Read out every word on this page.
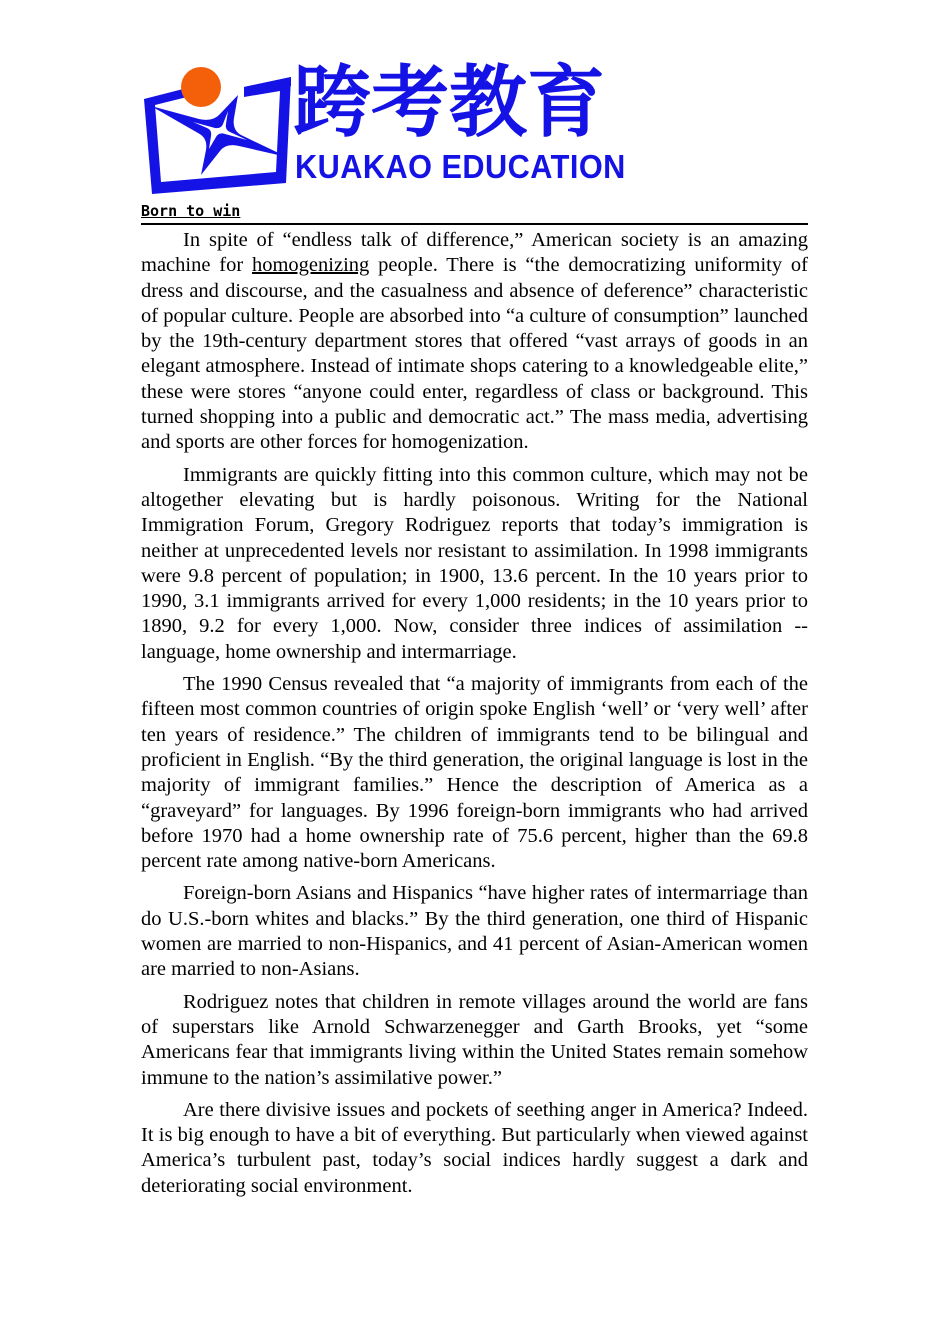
跨考教育
KUAKAO EDUCATION
Born to win

In spite of “endless talk of difference,” American society is an amazing machine for homogenizing people. There is “the democratizing uniformity of dress and discourse, and the casualness and absence of deference” characteristic of popular culture. People are absorbed into “a culture of consumption” launched by the 19th-century department stores that offered “vast arrays of goods in an elegant atmosphere. Instead of intimate shops catering to a knowledgeable elite,” these were stores “anyone could enter, regardless of class or background. This turned shopping into a public and democratic act.” The mass media, advertising and sports are other forces for homogenization.

Immigrants are quickly fitting into this common culture, which may not be altogether elevating but is hardly poisonous. Writing for the National Immigration Forum, Gregory Rodriguez reports that today’s immigration is neither at unprecedented levels nor resistant to assimilation. In 1998 immigrants were 9.8 percent of population; in 1900, 13.6 percent. In the 10 years prior to 1990, 3.1 immigrants arrived for every 1,000 residents; in the 10 years prior to 1890, 9.2 for every 1,000. Now, consider three indices of assimilation -- language, home ownership and intermarriage.

The 1990 Census revealed that “a majority of immigrants from each of the fifteen most common countries of origin spoke English ‘well’ or ‘very well’ after ten years of residence.” The children of immigrants tend to be bilingual and proficient in English. “By the third generation, the original language is lost in the majority of immigrant families.” Hence the description of America as a “graveyard” for languages. By 1996 foreign-born immigrants who had arrived before 1970 had a home ownership rate of 75.6 percent, higher than the 69.8 percent rate among native-born Americans.

Foreign-born Asians and Hispanics “have higher rates of intermarriage than do U.S.-born whites and blacks.” By the third generation, one third of Hispanic women are married to non-Hispanics, and 41 percent of Asian-American women are married to non-Asians.

Rodriguez notes that children in remote villages around the world are fans of superstars like Arnold Schwarzenegger and Garth Brooks, yet “some Americans fear that immigrants living within the United States remain somehow immune to the nation’s assimilative power.”

Are there divisive issues and pockets of seething anger in America? Indeed. It is big enough to have a bit of everything. But particularly when viewed against America’s turbulent past, today’s social indices hardly suggest a dark and deteriorating social environment.
